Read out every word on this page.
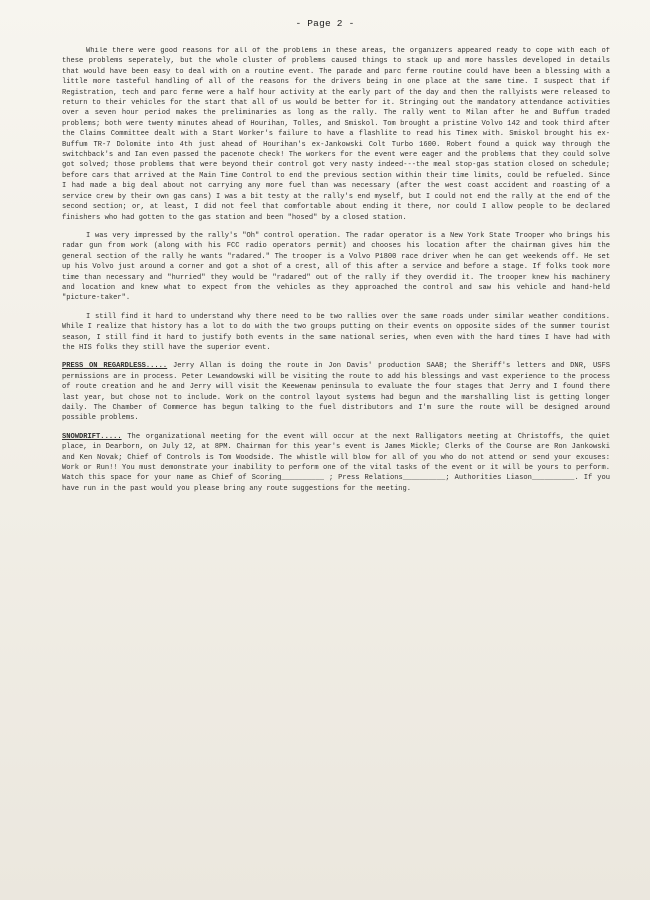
- Page 2 -

While there were good reasons for all of the problems in these areas, the organizers appeared ready to cope with each of these problems seperately, but the whole cluster of problems caused things to stack up and more hassles developed in details that would have been easy to deal with on a routine event. The parade and parc ferme routine could have been a blessing with a little more tasteful handling of all of the reasons for the drivers being in one place at the same time. I suspect that if Registration, tech and parc ferme were a half hour activity at the early part of the day and then the rallyists were released to return to their vehicles for the start that all of us would be better for it. Stringing out the mandatory attendance activities over a seven hour period makes the preliminaries as long as the rally. The rally went to Milan after he and Buffum traded problems; both were twenty minutes ahead of Hourihan, Tolles, and Smiskol. Tom brought a pristine Volvo 142 and took third after the Claims Committee dealt with a Start Worker's failure to have a flashlite to read his Timex with. Smiskol brought his ex-Buffum TR-7 Dolomite into 4th just ahead of Hourihan's ex-Jankowski Colt Turbo 1600. Robert found a quick way through the switchback's and Ian even passed the pacenote check! The workers for the event were eager and the problems that they could solve got solved; those problems that were beyond their control got very nasty indeed---the meal stop-gas station closed on schedule; before cars that arrived at the Main Time Control to end the previous section within their time limits, could be refueled. Since I had made a big deal about not carrying any more fuel than was necessary (after the west coast accident and roasting of a service crew by their own gas cans) I was a bit testy at the rally's end myself, but I could not end the rally at the end of the second section; or, at least, I did not feel that comfortable about ending it there, nor could I allow people to be declared finishers who had gotten to the gas station and been "hosed" by a closed station.

I was very impressed by the rally's "Oh" control operation. The radar operator is a New York State Trooper who brings his radar gun from work (along with his FCC radio operators permit) and chooses his location after the chairman gives him the general section of the rally he wants "radared." The trooper is a Volvo P1800 race driver when he can get weekends off. He set up his Volvo just around a corner and got a shot of a crest, all of this after a service and before a stage. If folks took more time than necessary and "hurried" they would be "radared" out of the rally if they overdid it. The trooper knew his machinery and location and knew what to expect from the vehicles as they approached the control and saw his vehicle and hand-held "picture-taker".

I still find it hard to understand why there need to be two rallies over the same roads under similar weather conditions. While I realize that history has a lot to do with the two groups putting on their events on opposite sides of the summer tourist season, I still find it hard to justify both events in the same national series, when even with the hard times I have had with the HIS folks they still have the superior event.

PRESS ON REGARDLESS..... Jerry Allan is doing the route in Jon Davis' production SAAB; the Sheriff's letters and DNR, USFS permissions are in process. Peter Lewandowski will be visiting the route to add his blessings and vast experience to the process of route creation and he and Jerry will visit the Keewenaw peninsula to evaluate the four stages that Jerry and I found there last year, but chose not to include. Work on the control layout systems had begun and the marshalling list is getting longer daily. The Chamber of Commerce has begun talking to the fuel distributors and I'm sure the route will be designed around possible problems.

SNOWDRIFT..... The organizational meeting for the event will occur at the next Ralligators meeting at Christoffs, the quiet place, in Dearborn, on July 12, at 8PM. Chairman for this year's event is James Mickle; Clerks of the Course are Ron Jankowski and Ken Novak; Chief of Controls is Tom Woodside. The whistle will blow for all of you who do not attend or send your excuses: Work or Run!! You must demonstrate your inability to perform one of the vital tasks of the event or it will be yours to perform. Watch this space for your name as Chief of Scoring__________ ; Press Relations__________; Authorities Liason__________. If you have run in the past would you please bring any route suggestions for the meeting.
